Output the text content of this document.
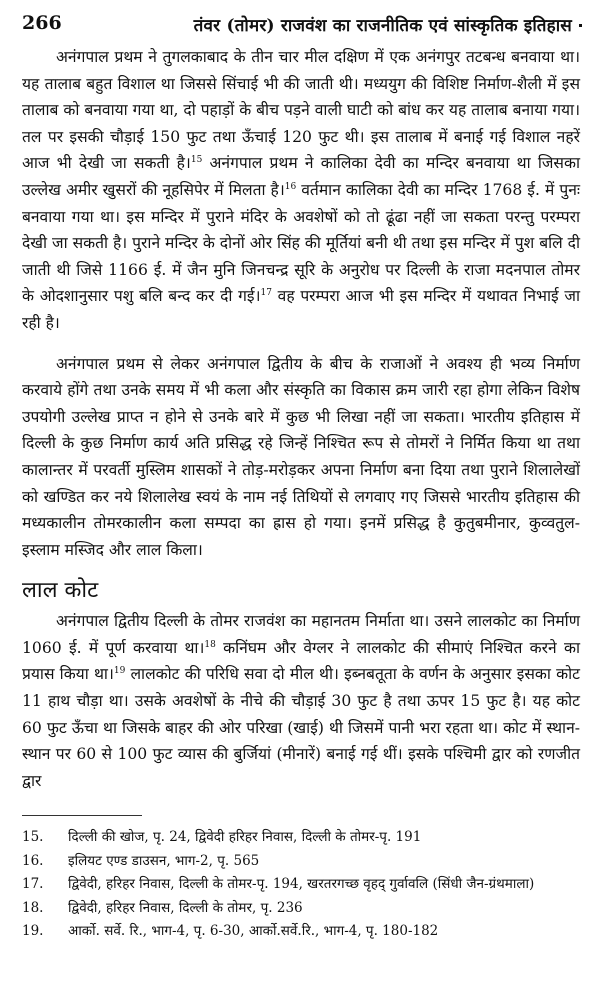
266	तंवर (तोमर) राजवंश का राजनीतिक एवं सांस्कृतिक इतिहास

अनंगपाल प्रथम ने तुगलकाबाद के तीन चार मील दक्षिण में एक अनंगपुर तटबन्ध बनवाया था। यह तालाब बहुत विशाल था जिससे सिंचाई भी की जाती थी। मध्ययुग की विशिष्ट निर्माण-शैली में इस तालाब को बनवाया गया था, दो पहाड़ों के बीच पड़ने वाली घाटी को बांध कर यह तालाब बनाया गया। तल पर इसकी चौड़ाई 150 फुट तथा ऊँचाई 120 फुट थी। इस तालाब में बनाई गई विशाल नहरें आज भी देखी जा सकती है।$^{15}$ अनंगपाल प्रथम ने कालिका देवी का मन्दिर बनवाया था जिसका उल्लेख अमीर खुसरों की नूहसिपेर में मिलता है।$^{16}$ वर्तमान कालिका देवी का मन्दिर 1768 ई. में पुनः बनवाया गया था। इस मन्दिर में पुराने मंदिर के अवशेषों को तो ढूंढा नहीं जा सकता परन्तु परम्परा देखी जा सकती है। पुराने मन्दिर के दोनों ओर सिंह की मूर्तियां बनी थी तथा इस मन्दिर में पुश बलि दी जाती थी जिसे 1166 ई. में जैन मुनि जिनचन्द्र सूरि के अनुरोध पर दिल्ली के राजा मदनपाल तोमर के ओदशानुसार पशु बलि बन्द कर दी गई।$^{17}$ वह परम्परा आज भी इस मन्दिर में यथावत निभाई जा रही है।

अनंगपाल प्रथम से लेकर अनंगपाल द्वितीय के बीच के राजाओं ने अवश्य ही भव्य निर्माण करवाये होंगे तथा उनके समय में भी कला और संस्कृति का विकास क्रम जारी रहा होगा लेकिन विशेष उपयोगी उल्लेख प्राप्त न होने से उनके बारे में कुछ भी लिखा नहीं जा सकता। भारतीय इतिहास में दिल्ली के कुछ निर्माण कार्य अति प्रसिद्ध रहे जिन्हें निश्चित रूप से तोमरों ने निर्मित किया था तथा कालान्तर में परवर्ती मुस्लिम शासकों ने तोड़-मरोड़कर अपना निर्माण बना दिया तथा पुराने शिलालेखों को खण्डित कर नये शिलालेख स्वयं के नाम नई तिथियों से लगवाए गए जिससे भारतीय इतिहास की मध्यकालीन तोमरकालीन कला सम्पदा का ह्रास हो गया। इनमें प्रसिद्ध है कुतुबमीनार, कुव्वतुल-इस्लाम मस्जिद और लाल किला।

लाल कोट

अनंगपाल द्वितीय दिल्ली के तोमर राजवंश का महानतम निर्माता था। उसने लालकोट का निर्माण 1060 ई. में पूर्ण करवाया था।$^{18}$ कनिंघम और वेग्लर ने लालकोट की सीमाएं निश्चित करने का प्रयास किया था।$^{19}$ लालकोट की परिधि सवा दो मील थी। इब्नबतूता के वर्णन के अनुसार इसका कोट 11 हाथ चौड़ा था। उसके अवशेषों के नीचे की चौड़ाई 30 फुट है तथा ऊपर 15 फुट है। यह कोट 60 फुट ऊँचा था जिसके बाहर की ओर परिखा (खाई) थी जिसमें पानी भरा रहता था। कोट में स्थान-स्थान पर 60 से 100 फुट व्यास की बुर्जियां (मीनारें) बनाई गई थीं। इसके पश्चिमी द्वार को रणजीत द्वार

15.	दिल्ली की खोज, पृ. 24, द्विवेदी हरिहर निवास, दिल्ली के तोमर-पृ. 191
16.	इलियट एण्ड डाउसन, भाग-2, पृ. 565
17.	द्विवेदी, हरिहर निवास, दिल्ली के तोमर-पृ. 194, खरतरगच्छ वृहद् गुर्वावलि (सिंधी जैन-ग्रंथमाला)
18.	द्विवेदी, हरिहर निवास, दिल्ली के तोमर, पृ. 236
19.	आर्को. सर्वे. रि., भाग-4, पृ. 6-30, आर्को.सर्वे.रि., भाग-4, पृ. 180-182
